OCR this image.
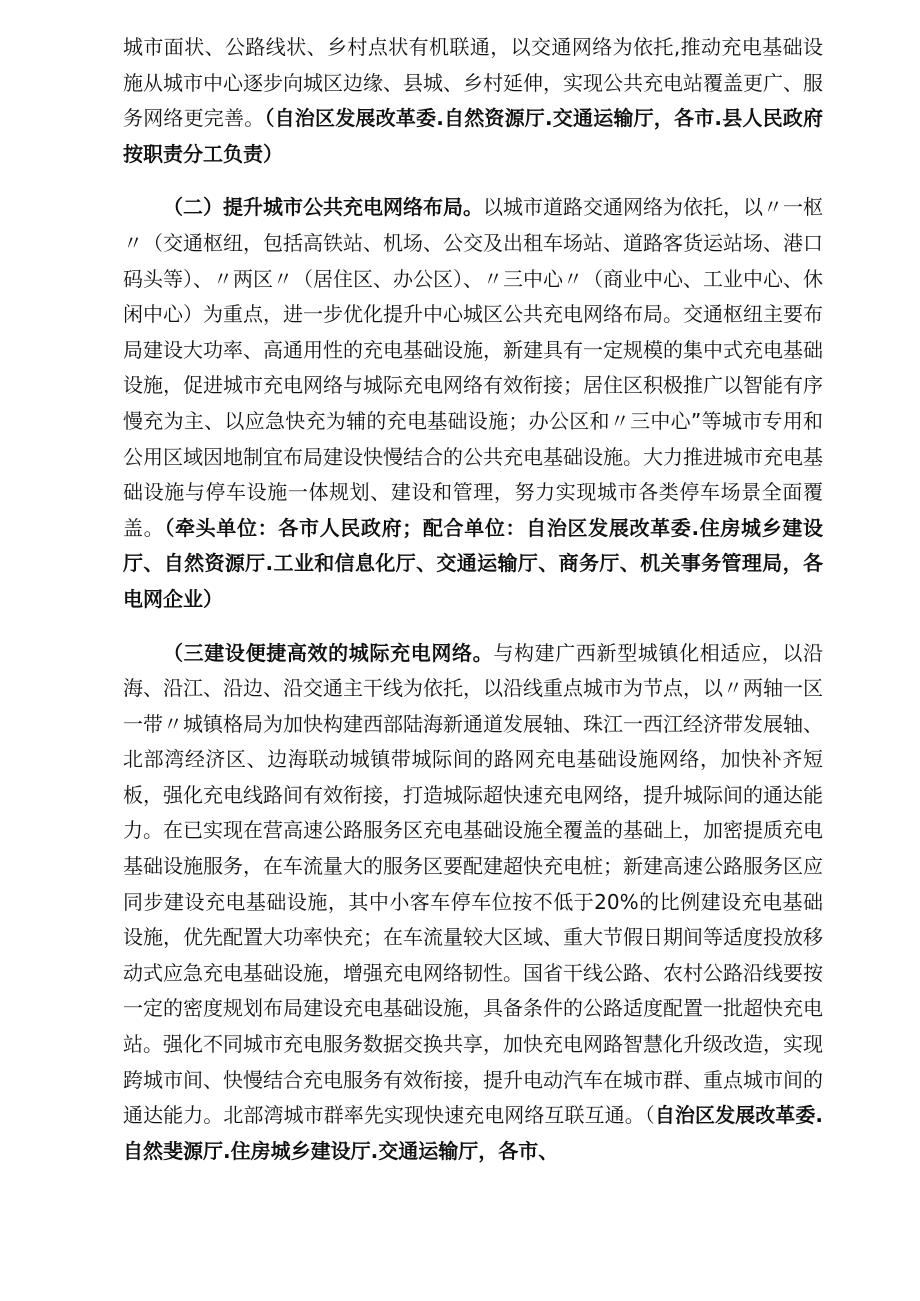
城市面状、公路线状、乡村点状有机联通，以交通网络为依托,推动充电基础设施从城市中心逐步向城区边缘、县城、乡村延伸，实现公共充电站覆盖更广、服务网络更完善。（自治区发展改革委.自然资源厅.交通运输厅，各市.县人民政府按职责分工负责）

（二）提升城市公共充电网络布局。以城市道路交通网络为依托，以〃一枢〃（交通枢纽，包括高铁站、机场、公交及出租车场站、道路客货运站场、港口码头等）、〃两区〃（居住区、办公区）、〃三中心〃（商业中心、工业中心、休闲中心）为重点，进一步优化提升中心城区公共充电网络布局。交通枢纽主要布局建设大功率、高通用性的充电基础设施，新建具有一定规模的集中式充电基础设施，促进城市充电网络与城际充电网络有效衔接；居住区积极推广以智能有序慢充为主、以应急快充为辅的充电基础设施；办公区和〃三中心”等城市专用和公用区域因地制宜布局建设快慢结合的公共充电基础设施。大力推进城市充电基础设施与停车设施一体规划、建设和管理，努力实现城市各类停车场景全面覆盖。（牵头单位：各市人民政府；配合单位：自治区发展改革委.住房城乡建设厅、自然资源厅.工业和信息化厅、交通运输厅、商务厅、机关事务管理局，各电网企业）

（三建设便捷高效的城际充电网络。与构建广西新型城镇化相适应，以沿海、沿江、沿边、沿交通主干线为依托，以沿线重点城市为节点，以〃两轴一区一带〃城镇格局为加快构建西部陆海新通道发展轴、珠江一西江经济带发展轴、北部湾经济区、边海联动城镇带城际间的路网充电基础设施网络，加快补齐短板，强化充电线路间有效衔接，打造城际超快速充电网络，提升城际间的通达能力。在已实现在营高速公路服务区充电基础设施全覆盖的基础上，加密提质充电基础设施服务，在车流量大的服务区要配建超快充电桩；新建高速公路服务区应同步建设充电基础设施，其中小客车停车位按不低于20%的比例建设充电基础设施，优先配置大功率快充；在车流量较大区域、重大节假日期间等适度投放移动式应急充电基础设施，增强充电网络韧性。国省干线公路、农村公路沿线要按一定的密度规划布局建设充电基础设施，具备条件的公路适度配置一批超快充电站。强化不同城市充电服务数据交换共享，加快充电网路智慧化升级改造，实现跨城市间、快慢结合充电服务有效衔接，提升电动汽车在城市群、重点城市间的通达能力。北部湾城市群率先实现快速充电网络互联互通。（自治区发展改革委.自然斐源厅.住房城乡建设厅.交通运输厅，各市、
